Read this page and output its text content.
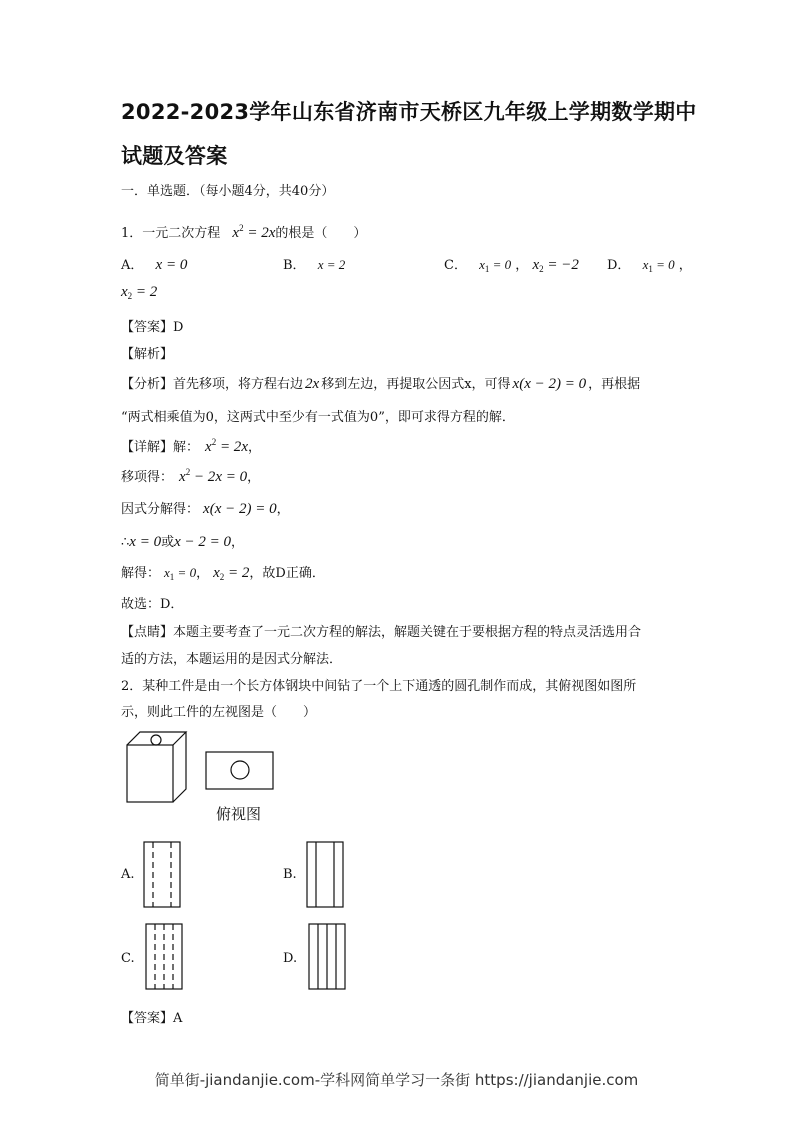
2022-2023学年山东省济南市天桥区九年级上学期数学期中
试题及答案
一．单选题．（每小题4分，共40分）
1．一元二次方程 $x^2 = 2x$的根是（　　）
A． x = 0	B． x = 2	C． $x_1 = 0$ ， $x_2 = -2$ D． $x_1 = 0$ ，
$x_2 = 2$
【答案】D
【解析】
【分析】首先移项，将方程右边 2x 移到左边，再提取公因式x，可得 x(x − 2) = 0 ，再根据
“两式相乘值为0，这两式中至少有一式值为0”，即可求得方程的解．
【详解】解： $x^2 = 2x$，
移项得： $x^2 - 2x = 0$，
因式分解得： x(x − 2) = 0，
∴x = 0或x − 2 = 0，
解得： $x_1 = 0$， $x_2 = 2$，故D正确．
故选：D．
【点睛】本题主要考查了一元二次方程的解法，解题关键在于要根据方程的特点灵活选用合
适的方法，本题运用的是因式分解法．
2．某种工件是由一个长方体钢块中间钻了一个上下通透的圆孔制作而成，其俯视图如图所
示，则此工件的左视图是（　　）
俯视图
A.	B.
C.	D.
【答案】A
简单街-jiandanjie.com-学科网简单学习一条街 https://jiandanjie.com
